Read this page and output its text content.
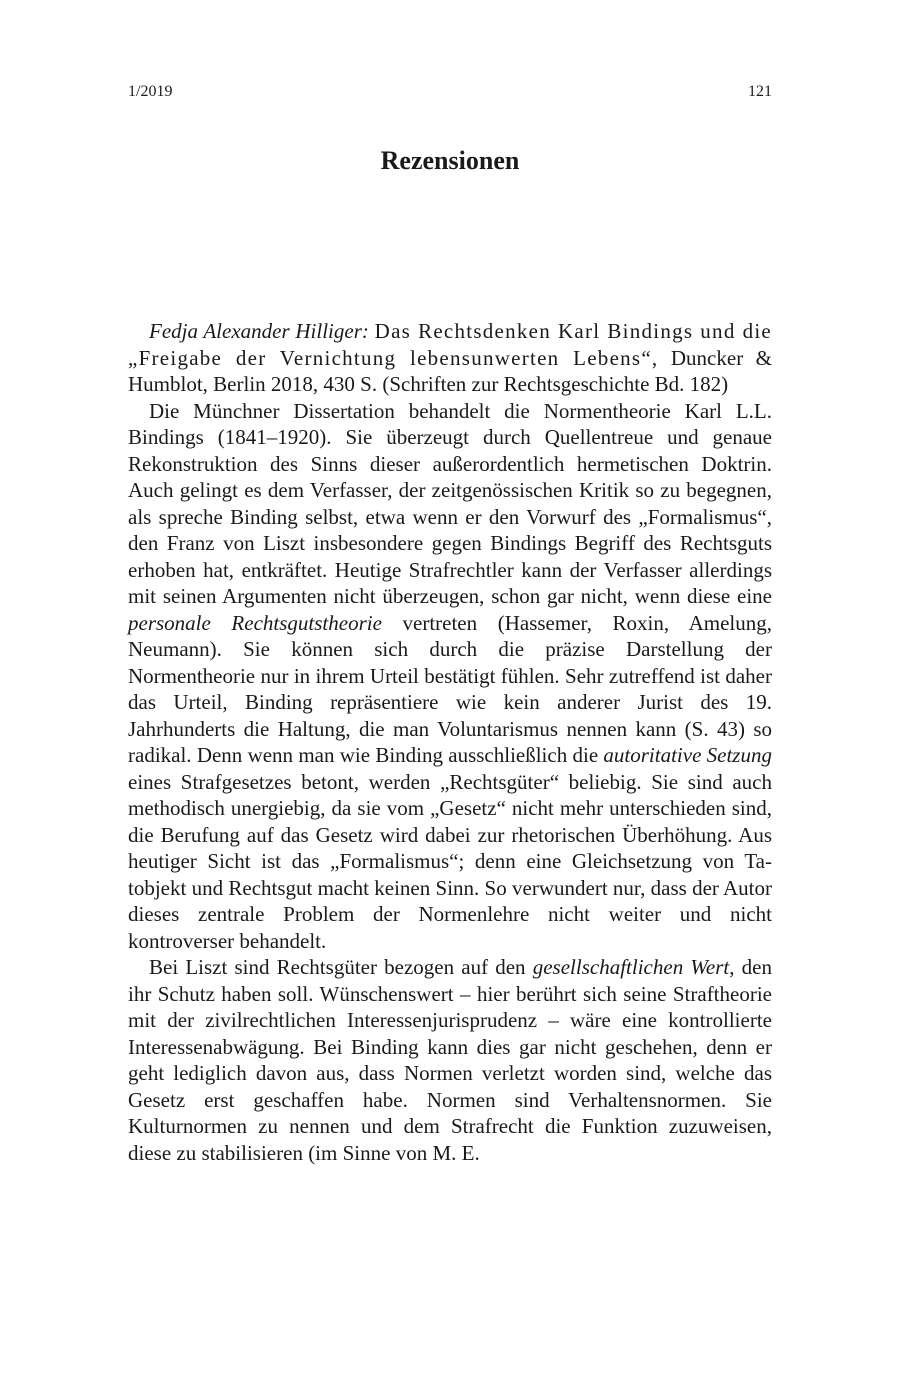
1/2019	121
Rezensionen

Fedja Alexander Hilliger: Das Rechtsdenken Karl Bindings und die „Freigabe der Vernichtung lebensunwerten Lebens“, Duncker & Humblot, Berlin 2018, 430 S. (Schriften zur Rechtsgeschichte Bd. 182)

Die Münchner Dissertation behandelt die Normentheorie Karl L.L. Bindings (1841–1920). Sie überzeugt durch Quellentreue und genaue Rekonstruktion des Sinns dieser außerordentlich hermetischen Doktrin. Auch gelingt es dem Verfasser, der zeitgenössischen Kritik so zu begegnen, als spreche Binding selbst, etwa wenn er den Vorwurf des „Formalismus“, den Franz von Liszt insbesondere gegen Bindings Begriff des Rechtsguts erhoben hat, entkräftet. Heutige Strafrechtler kann der Verfasser allerdings mit seinen Argumenten nicht überzeugen, schon gar nicht, wenn diese eine personale Rechtsgutstheorie vertreten (Hassemer, Roxin, Amelung, Neumann). Sie können sich durch die präzise Darstellung der Normentheorie nur in ihrem Urteil bestätigt fühlen. Sehr zutreffend ist daher das Urteil, Binding repräsentiere wie kein anderer Jurist des 19. Jahrhunderts die Haltung, die man Voluntarismus nennen kann (S. 43) so radikal. Denn wenn man wie Binding ausschließlich die autoritative Setzung eines Strafgesetzes betont, werden „Rechtsgüter“ beliebig. Sie sind auch methodisch unergiebig, da sie vom „Gesetz“ nicht mehr unterschieden sind, die Berufung auf das Gesetz wird dabei zur rhetorischen Überhöhung. Aus heutiger Sicht ist das „Formalismus“; denn eine Gleichsetzung von Tatobjekt und Rechtsgut macht keinen Sinn. So verwundert nur, dass der Autor dieses zentrale Problem der Normenlehre nicht weiter und nicht kontroverser behandelt.

Bei Liszt sind Rechtsgüter bezogen auf den gesellschaftlichen Wert, den ihr Schutz haben soll. Wünschenswert – hier berührt sich seine Straftheorie mit der zivilrechtlichen Interessenjurisprudenz – wäre eine kontrollierte Interessenabwägung. Bei Binding kann dies gar nicht geschehen, denn er geht lediglich davon aus, dass Normen verletzt worden sind, welche das Gesetz erst geschaffen habe. Normen sind Verhaltensnormen. Sie Kulturnormen zu nennen und dem Strafrecht die Funktion zuzuweisen, diese zu stabilisieren (im Sinne von M. E.
